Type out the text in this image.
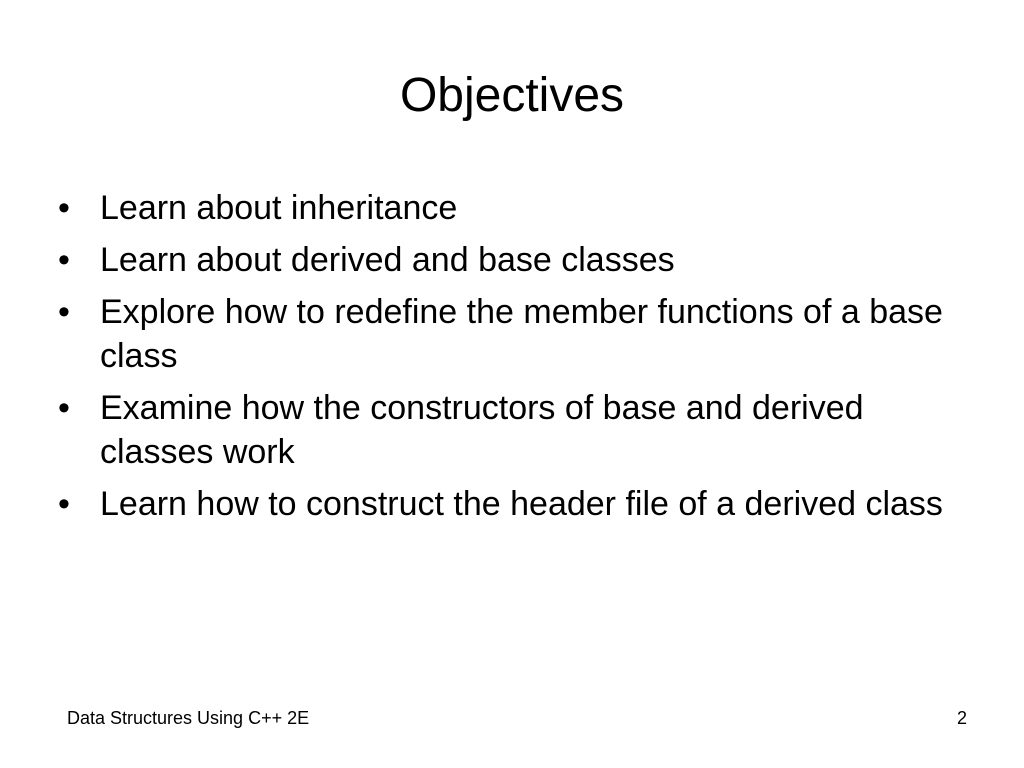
Objectives
• Learn about inheritance
• Learn about derived and base classes
• Explore how to redefine the member functions of a base class
• Examine how the constructors of base and derived classes work
• Learn how to construct the header file of a derived class
Data Structures Using C++ 2E	2
